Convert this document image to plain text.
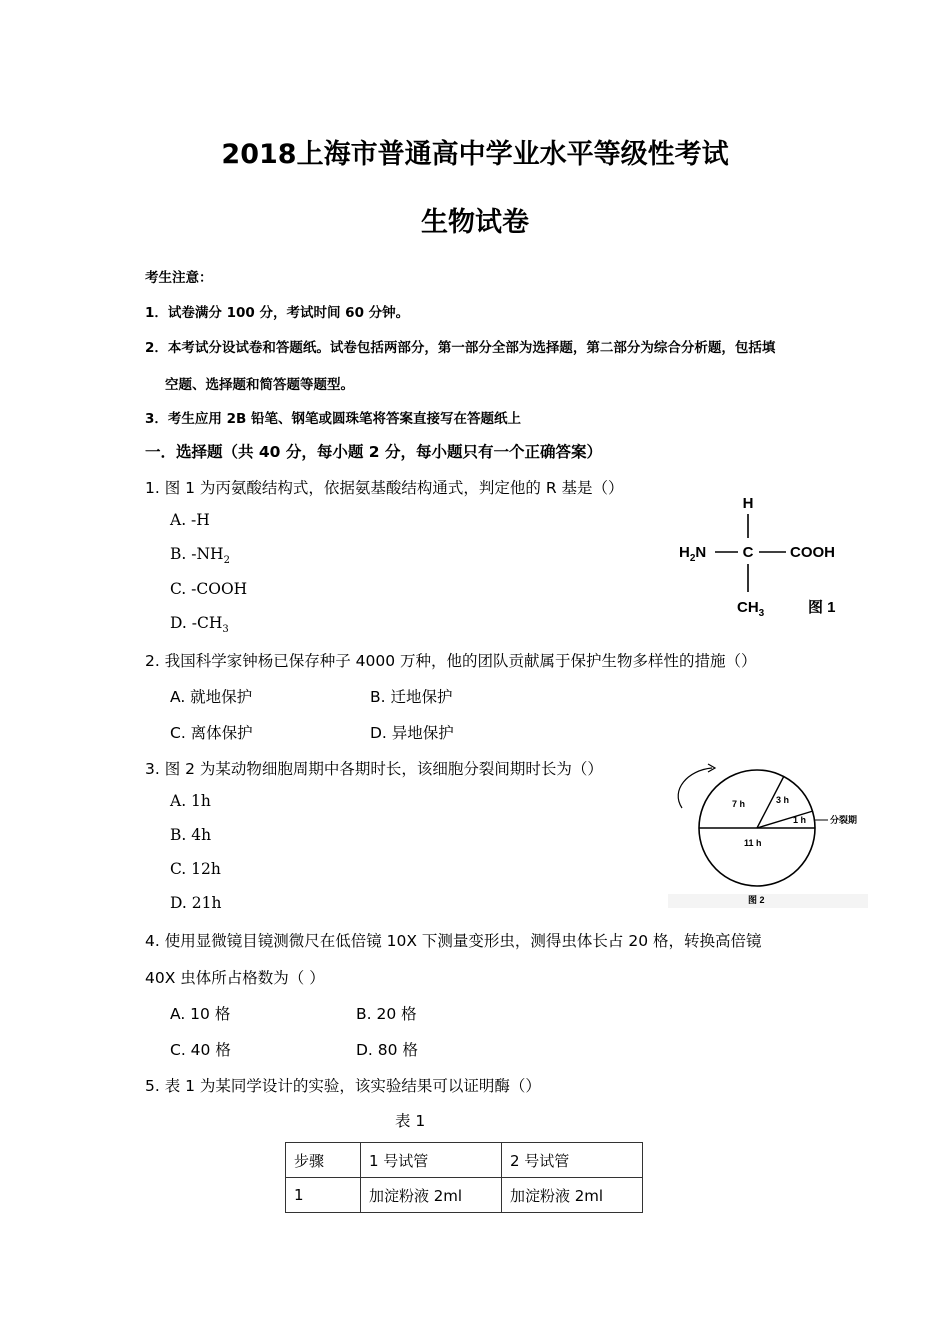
2018上海市普通高中学业水平等级性考试
生物试卷
考生注意：
1．试卷满分 100 分，考试时间 60 分钟。
2．本考试分设试卷和答题纸。试卷包括两部分，第一部分全部为选择题，第二部分为综合分析题，包括填
空题、选择题和简答题等题型。
3．考生应用 2B 铅笔、钢笔或圆珠笔将答案直接写在答题纸上
一．选择题（共 40 分，每小题 2 分，每小题只有一个正确答案）
1. 图 1 为丙氨酸结构式，依据氨基酸结构通式，判定他的 R 基是（）
A. -H
B. $-NH_2$
C. -COOH
D. $-CH_3$
H
$H_2N$ C COOH
$CH_3$	图 1
2. 我国科学家钟杨已保存种子 4000 万种，他的团队贡献属于保护生物多样性的措施（）
A. 就地保护	B. 迁地保护
C. 离体保护	D. 异地保护
3. 图 2 为某动物细胞周期中各期时长，该细胞分裂间期时长为（）
A. 1h
B. 4h
C. 12h
D. 21h
7 h	3 h
1 h
11 h
分裂期
图 2
4. 使用显微镜目镜测微尺在低倍镜 10X 下测量变形虫，测得虫体长占 20 格，转换高倍镜
40X 虫体所占格数为（ ）
A. 10 格	B. 20 格
C. 40 格	D. 80 格
5. 表 1 为某同学设计的实验，该实验结果可以证明酶（）
表 1
步骤	1 号试管	2 号试管
1	加淀粉液 2ml	加淀粉液 2ml
